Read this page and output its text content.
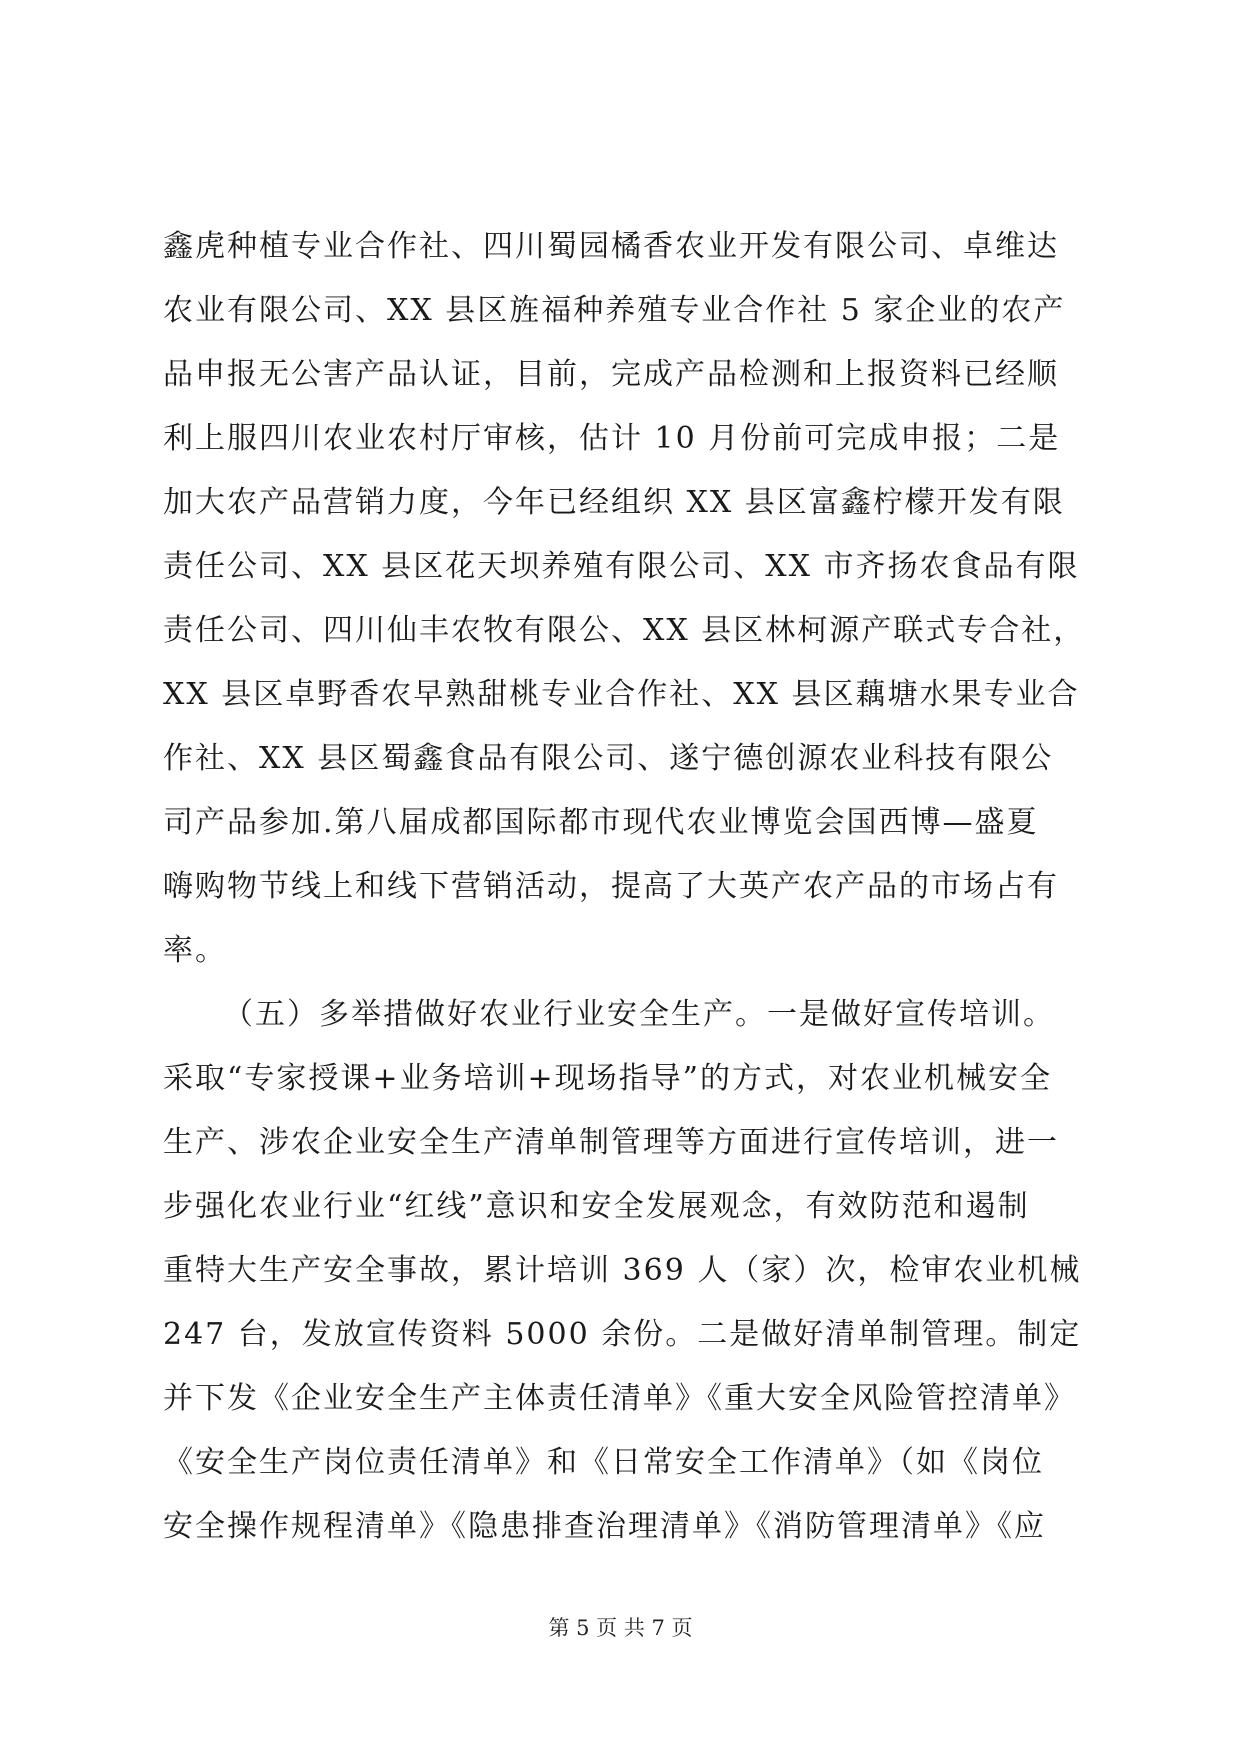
鑫虎种植专业合作社、四川蜀园橘香农业开发有限公司、卓维达
农业有限公司、XX 县区旌福种养殖专业合作社 5 家企业的农产
品申报无公害产品认证，目前，完成产品检测和上报资料已经顺
利上服四川农业农村厅审核，估计 10 月份前可完成申报；二是
加大农产品营销力度，今年已经组织 XX 县区富鑫柠檬开发有限
责任公司、XX 县区花天坝养殖有限公司、XX 市齐扬农食品有限
责任公司、四川仙丰农牧有限公、XX 县区林柯源产联式专合社，
XX 县区卓野香农早熟甜桃专业合作社、XX 县区藕塘水果专业合
作社、XX 县区蜀鑫食品有限公司、遂宁德创源农业科技有限公
司产品参加.第八届成都国际都市现代农业博览会国西博—盛夏
嗨购物节线上和线下营销活动，提高了大英产农产品的市场占有
率。
（五）多举措做好农业行业安全生产。一是做好宣传培训。
采取“专家授课+业务培训+现场指导”的方式，对农业机械安全
生产、涉农企业安全生产清单制管理等方面进行宣传培训，进一
步强化农业行业“红线”意识和安全发展观念，有效防范和遏制
重特大生产安全事故，累计培训 369 人（家）次，检审农业机械
247 台，发放宣传资料 5000 余份。二是做好清单制管理。制定
并下发《企业安全生产主体责任清单》《重大安全风险管控清单》
《安全生产岗位责任清单》和《日常安全工作清单》（如《岗位
安全操作规程清单》《隐患排查治理清单》《消防管理清单》《应
第 5 页 共 7 页
